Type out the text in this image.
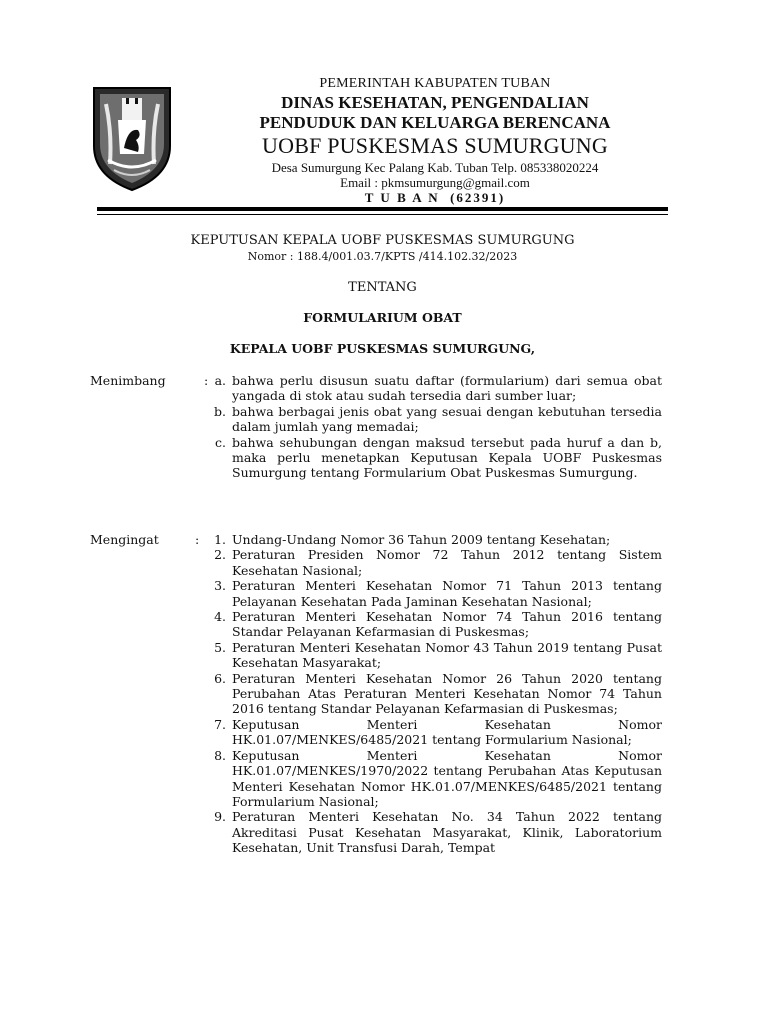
PEMERINTAH KABUPATEN TUBAN
DINAS KESEHATAN, PENGENDALIAN
PENDUDUK DAN KELUARGA BERENCANA
UOBF PUSKESMAS SUMURGUNG
Desa Sumurgung Kec Palang Kab. Tuban Telp. 085338020224
Email : pkmsumurgung@gmail.com
T U B A N  (62391)
KEPUTUSAN KEPALA UOBF PUSKESMAS SUMURGUNG
Nomor : 188.4/001.03.7/KPTS /414.102.32/2023
TENTANG
FORMULARIUM OBAT
KEPALA UOBF PUSKESMAS SUMURGUNG,
Menimbang	: a. bahwa perlu disusun suatu daftar (formularium) dari semua obat yangada di stok atau sudah tersedia dari sumber luar;
b. bahwa berbagai jenis obat yang sesuai dengan kebutuhan tersedia dalam jumlah yang memadai;
c. bahwa sehubungan dengan maksud tersebut pada huruf a dan b, maka perlu menetapkan Keputusan Kepala UOBF Puskesmas Sumurgung tentang Formularium Obat Puskesmas Sumurgung.
Mengingat	: 1. Undang-Undang Nomor 36 Tahun 2009 tentang Kesehatan;
2. Peraturan Presiden Nomor 72 Tahun 2012 tentang Sistem Kesehatan Nasional;
3. Peraturan Menteri Kesehatan Nomor 71 Tahun 2013 tentang Pelayanan Kesehatan Pada Jaminan Kesehatan Nasional;
4. Peraturan Menteri Kesehatan Nomor 74 Tahun 2016 tentang Standar Pelayanan Kefarmasian di Puskesmas;
5. Peraturan Menteri Kesehatan Nomor 43 Tahun 2019 tentang Pusat Kesehatan Masyarakat;
6. Peraturan Menteri Kesehatan Nomor 26 Tahun 2020 tentang Perubahan Atas Peraturan Menteri Kesehatan Nomor 74 Tahun 2016 tentang Standar Pelayanan Kefarmasian di Puskesmas;
7. Keputusan Menteri Kesehatan Nomor HK.01.07/MENKES/6485/2021 tentang Formularium Nasional;
8. Keputusan Menteri Kesehatan Nomor HK.01.07/MENKES/1970/2022 tentang Perubahan Atas Keputusan Menteri Kesehatan Nomor HK.01.07/MENKES/6485/2021 tentang Formularium Nasional;
9. Peraturan Menteri Kesehatan No. 34 Tahun 2022 tentang Akreditasi Pusat Kesehatan Masyarakat, Klinik, Laboratorium Kesehatan, Unit Transfusi Darah, Tempat
